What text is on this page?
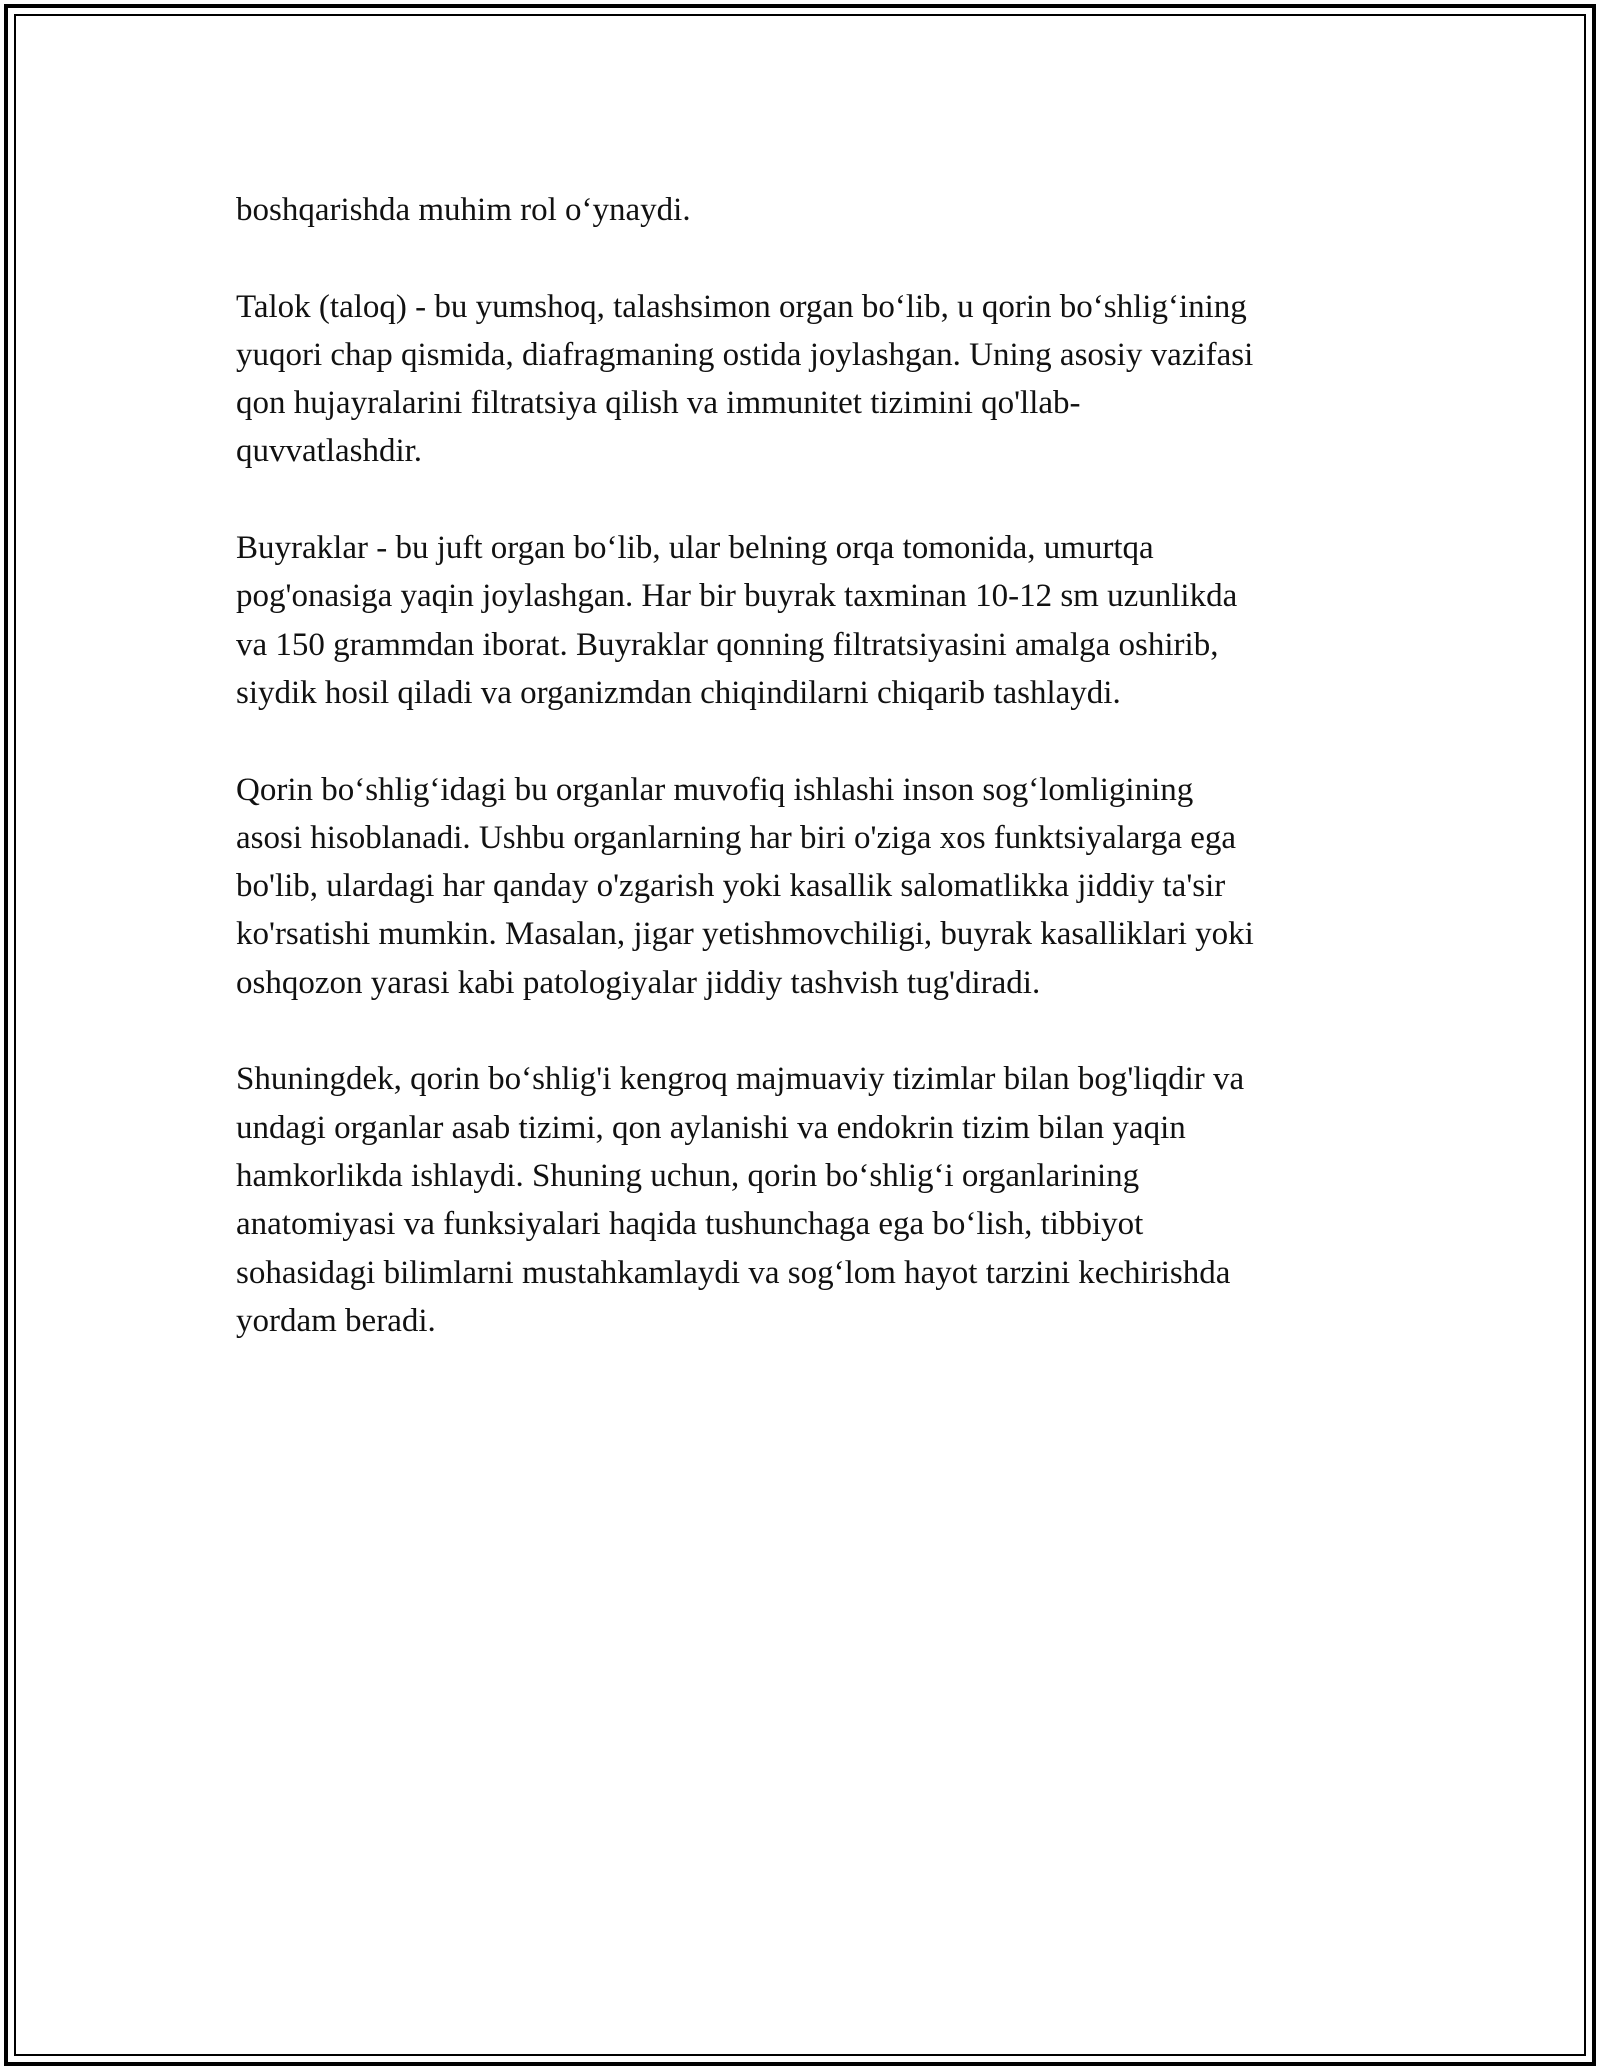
boshqarishda muhim rol o‘ynaydi.

Talok (taloq) - bu yumshoq, talashsimon organ bo‘lib, u qorin bo‘shlig‘ining
yuqori chap qismida, diafragmaning ostida joylashgan. Uning asosiy vazifasi
qon hujayralarini filtratsiya qilish va immunitet tizimini qo'llab-
quvvatlashdir.

Buyraklar - bu juft organ bo‘lib, ular belning orqa tomonida, umurtqa
pog'onasiga yaqin joylashgan. Har bir buyrak taxminan 10-12 sm uzunlikda
va 150 grammdan iborat. Buyraklar qonning filtratsiyasini amalga oshirib,
siydik hosil qiladi va organizmdan chiqindilarni chiqarib tashlaydi.

Qorin bo‘shlig‘idagi bu organlar muvofiq ishlashi inson sog‘lomligining
asosi hisoblanadi. Ushbu organlarning har biri o'ziga xos funktsiyalarga ega
bo'lib, ulardagi har qanday o'zgarish yoki kasallik salomatlikka jiddiy ta'sir
ko'rsatishi mumkin. Masalan, jigar yetishmovchiligi, buyrak kasalliklari yoki
oshqozon yarasi kabi patologiyalar jiddiy tashvish tug'diradi.

Shuningdek, qorin bo‘shlig'i kengroq majmuaviy tizimlar bilan bog'liqdir va
undagi organlar asab tizimi, qon aylanishi va endokrin tizim bilan yaqin
hamkorlikda ishlaydi. Shuning uchun, qorin bo‘shlig‘i organlarining
anatomiyasi va funksiyalari haqida tushunchaga ega bo‘lish, tibbiyot
sohasidagi bilimlarni mustahkamlaydi va sog‘lom hayot tarzini kechirishda
yordam beradi.
